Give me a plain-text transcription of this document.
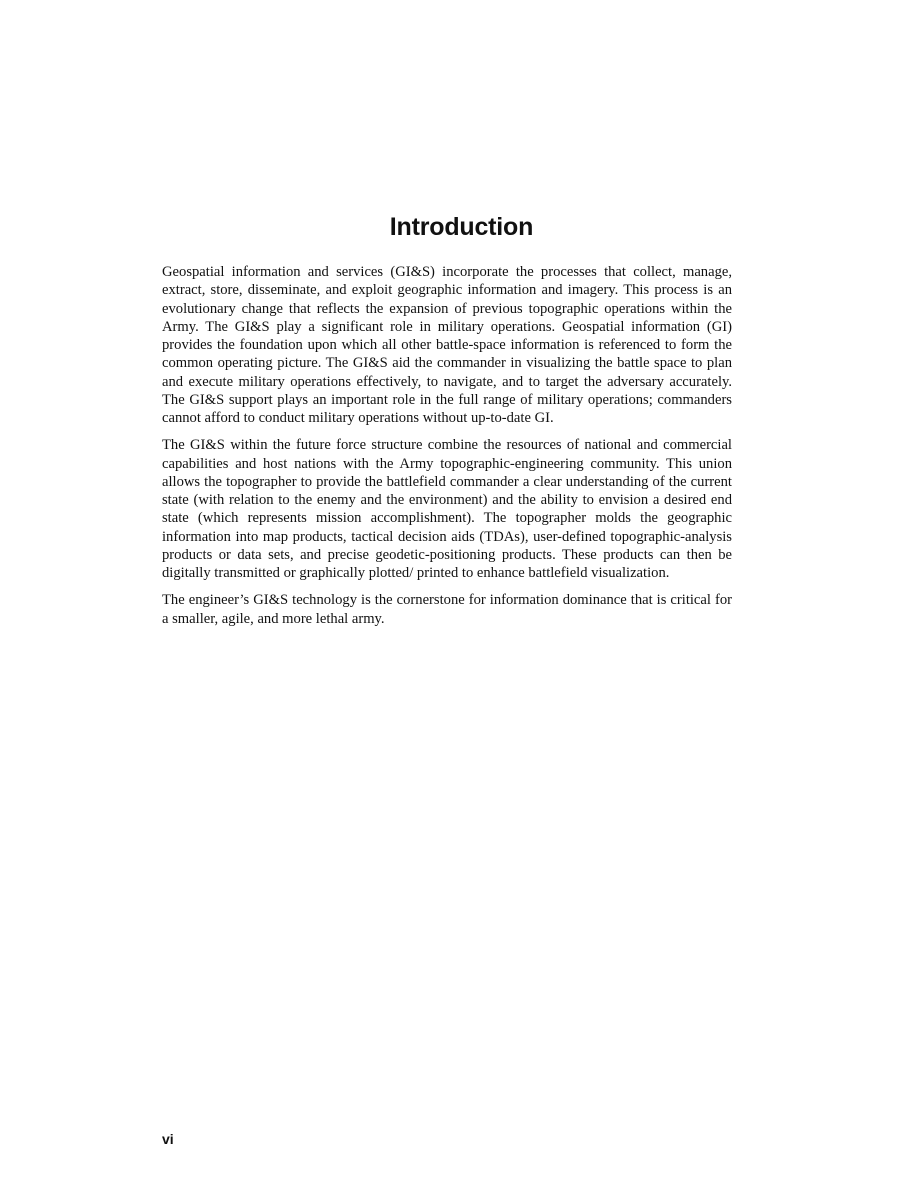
Introduction

Geospatial information and services (GI&S) incorporate the processes that collect, manage, extract, store, disseminate, and exploit geographic information and imagery. This process is an evolutionary change that reflects the expansion of previous topographic operations within the Army. The GI&S play a significant role in military operations. Geospatial information (GI) provides the foundation upon which all other battle-space information is referenced to form the common operating picture. The GI&S aid the commander in visualizing the battle space to plan and execute military operations effectively, to navigate, and to target the adversary accurately. The GI&S support plays an important role in the full range of military operations; commanders cannot afford to conduct military operations without up-to-date GI.

The GI&S within the future force structure combine the resources of national and commercial capabilities and host nations with the Army topographic-engineering community. This union allows the topographer to provide the battlefield commander a clear understanding of the current state (with relation to the enemy and the environment) and the ability to envision a desired end state (which represents mission accomplishment). The topographer molds the geographic information into map products, tactical decision aids (TDAs), user-defined topographic-analysis products or data sets, and precise geodetic-positioning products. These products can then be digitally transmitted or graphically plotted/ printed to enhance battlefield visualization.

The engineer’s GI&S technology is the cornerstone for information dominance that is critical for a smaller, agile, and more lethal army.

vi
